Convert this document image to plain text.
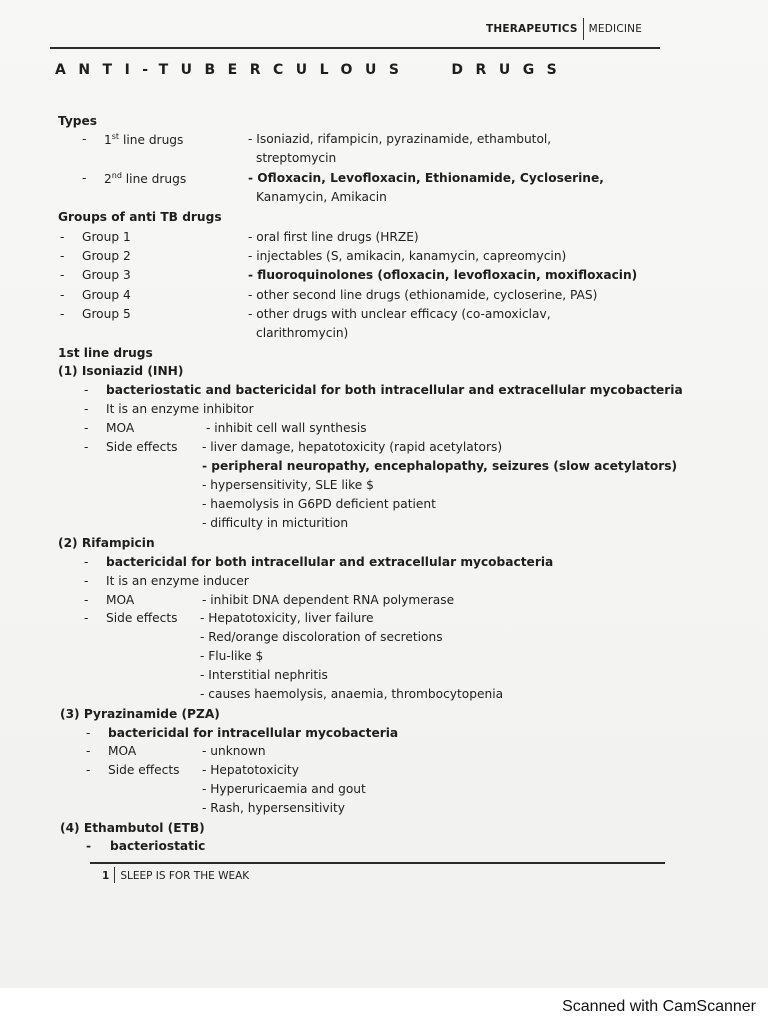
THERAPEUTICS MEDICINE
ANTI-TUBERCULOUS	DRUGS
Types
- 1st line drugs	- Isoniazid, rifampicin, pyrazinamide, ethambutol,
streptomycin
- 2nd line drugs	- Ofloxacin, Levofloxacin, Ethionamide, Cycloserine,
Kanamycin, Amikacin
Groups of anti TB drugs
- Group 1	- oral first line drugs (HRZE)
- Group 2	- injectables (S, amikacin, kanamycin, capreomycin)
- Group 3	- fluoroquinolones (ofloxacin, levofloxacin, moxifloxacin)
- Group 4	- other second line drugs (ethionamide, cycloserine, PAS)
- Group 5	- other drugs with unclear efficacy (co-amoxiclav,
clarithromycin)
1st line drugs
(1) Isoniazid (INH)
- bacteriostatic and bactericidal for both intracellular and extracellular mycobacteria
- It is an enzyme inhibitor
- MOA	- inhibit cell wall synthesis
- Side effects - liver damage, hepatotoxicity (rapid acetylators)
- peripheral neuropathy, encephalopathy, seizures (slow acetylators)
- hypersensitivity, SLE like $
- haemolysis in G6PD deficient patient
- difficulty in micturition
(2) Rifampicin
- bactericidal for both intracellular and extracellular mycobacteria
- It is an enzyme inducer
- MOA	- inhibit DNA dependent RNA polymerase
- Side effects - Hepatotoxicity, liver failure
- Red/orange discoloration of secretions
- Flu-like $
- Interstitial nephritis
- causes haemolysis, anaemia, thrombocytopenia
(3) Pyrazinamide (PZA)
- bactericidal for intracellular mycobacteria
- MOA	- unknown
- Side effects - Hepatotoxicity
- Hyperuricaemia and gout
- Rash, hypersensitivity
(4) Ethambutol (ETB)
- bacteriostatic
1 SLEEP IS FOR THE WEAK
Scanned with CamScanner
